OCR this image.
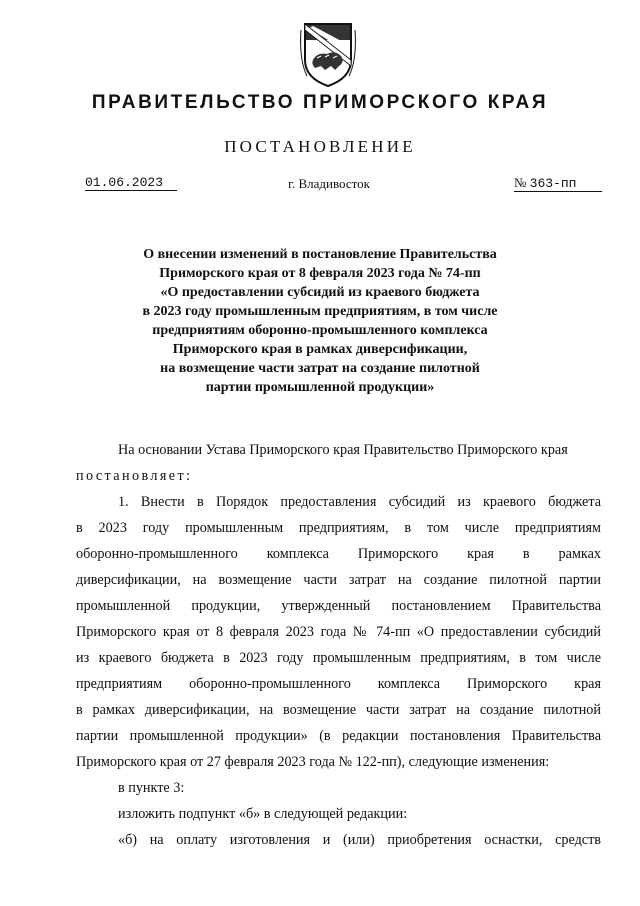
ПРАВИТЕЛЬСТВО ПРИМОРСКОГО КРАЯ
ПОСТАНОВЛЕНИЕ
01.06.2023	г. Владивосток	№ 363-пп
О внесении изменений в постановление Правительства
Приморского края от 8 февраля 2023 года № 74-пп
«О предоставлении субсидий из краевого бюджета
в 2023 году промышленным предприятиям, в том числе
предприятиям оборонно-промышленного комплекса
Приморского края в рамках диверсификации,
на возмещение части затрат на создание пилотной
партии промышленной продукции»
На основании Устава Приморского края Правительство Приморского края
постановляет:
1. Внести в Порядок предоставления субсидий из краевого бюджета
в 2023 году промышленным предприятиям, в том числе предприятиям
оборонно-промышленного комплекса Приморского края в рамках
диверсификации, на возмещение части затрат на создание пилотной партии
промышленной продукции, утвержденный постановлением Правительства
Приморского края от 8 февраля 2023 года № 74-пп «О предоставлении субсидий
из краевого бюджета в 2023 году промышленным предприятиям, в том числе
предприятиям оборонно-промышленного комплекса Приморского края
в рамках диверсификации, на возмещение части затрат на создание пилотной
партии промышленной продукции» (в редакции постановления Правительства
Приморского края от 27 февраля 2023 года № 122-пп), следующие изменения:
в пункте 3:
изложить подпункт «б» в следующей редакции:
«б) на оплату изготовления и (или) приобретения оснастки, средств
